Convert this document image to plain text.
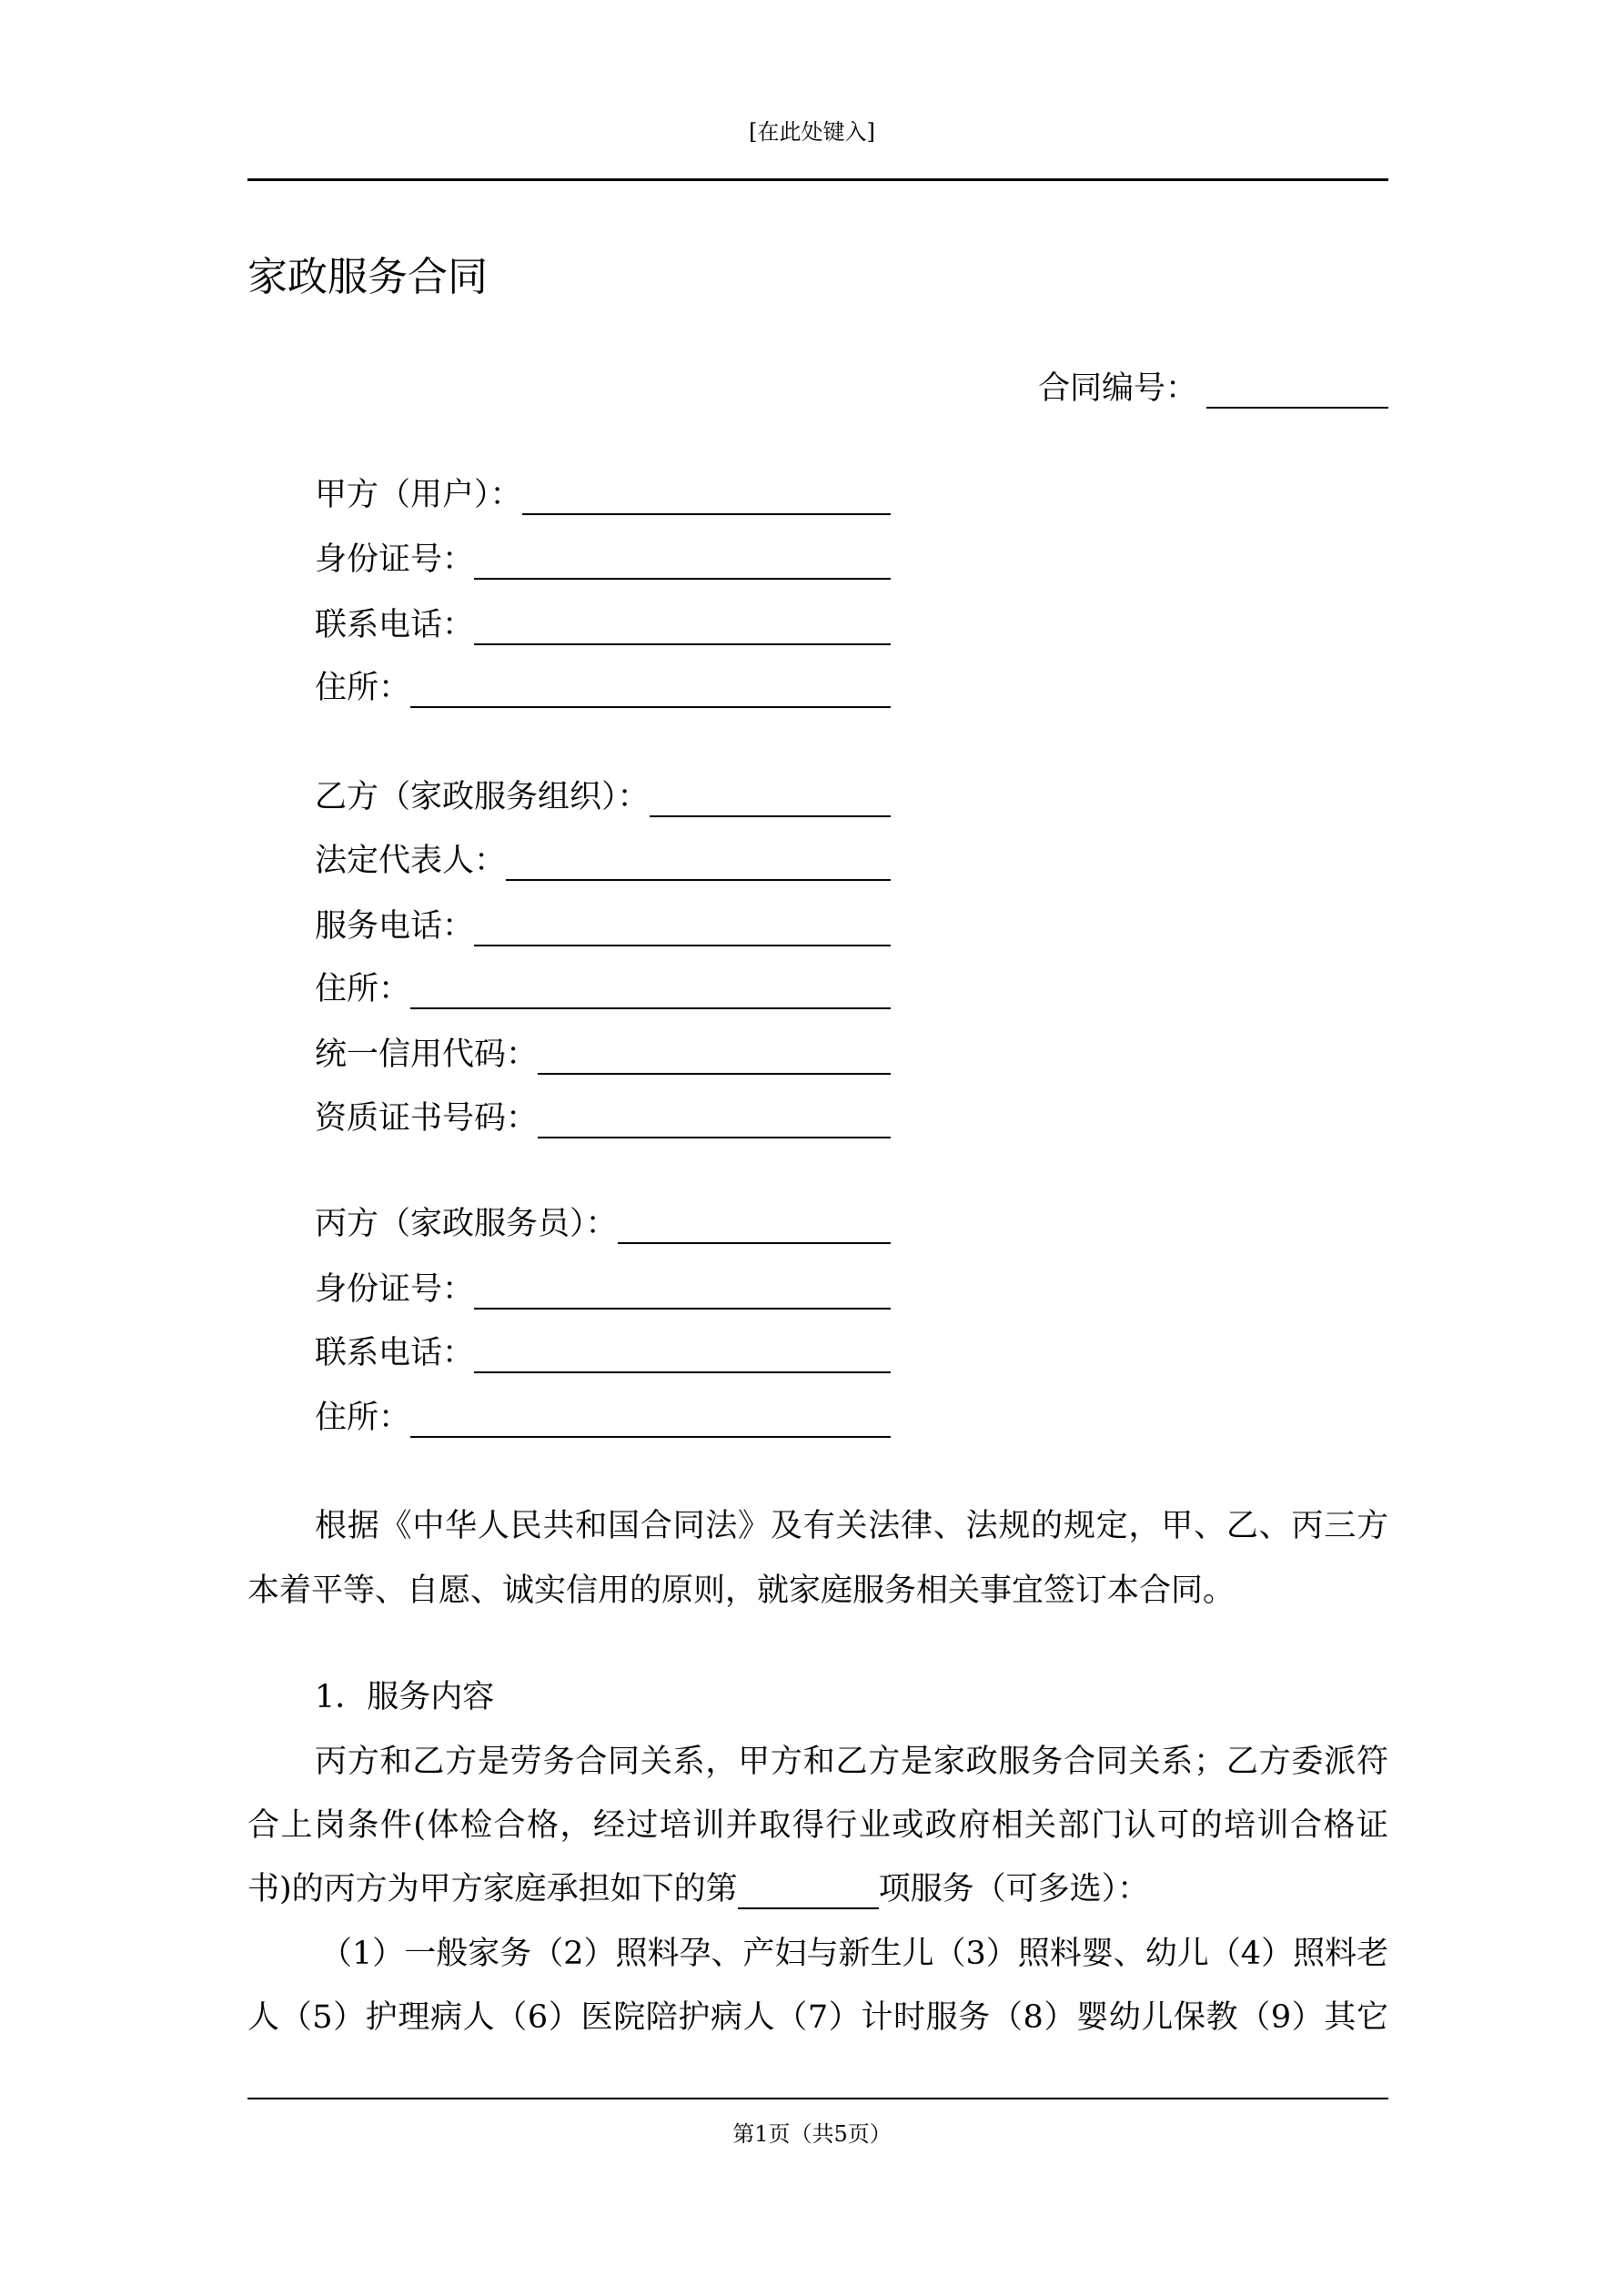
[在此处键入]
家政服务合同
合同编号：
甲方（用户）：
身份证号：
联系电话：
住所：
乙方（家政服务组织）：
法定代表人：
服务电话：
住所：
统一信用代码：
资质证书号码：
丙方（家政服务员）：
身份证号：
联系电话：
住所：
根据《中华人民共和国合同法》及有关法律、法规的规定，甲、乙、丙三方
本着平等、自愿、诚实信用的原则，就家庭服务相关事宜签订本合同。
1．服务内容
丙方和乙方是劳务合同关系，甲方和乙方是家政服务合同关系；乙方委派符
合上岗条件(体检合格，经过培训并取得行业或政府相关部门认可的培训合格证
书)的丙方为甲方家庭承担如下的第	项服务（可多选）：
（1）一般家务（2）照料孕、产妇与新生儿（3）照料婴、幼儿（4）照料老
人（5）护理病人（6）医院陪护病人（7）计时服务（8）婴幼儿保教（9）其它
第1页（共5页）
